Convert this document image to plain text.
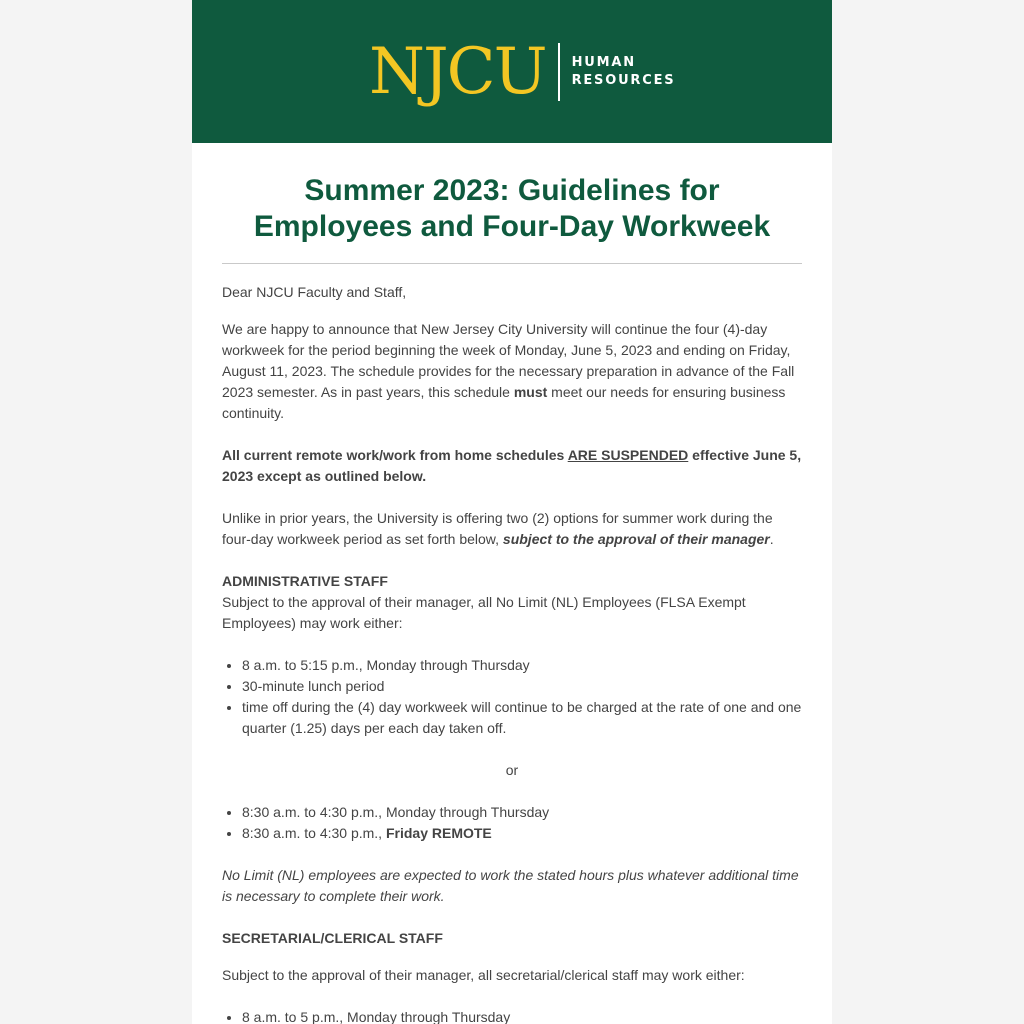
NJCU HUMAN
RESOURCES
Summer 2023: Guidelines for
Employees and Four-Day Workweek

Dear NJCU Faculty and Staff,

We are happy to announce that New Jersey City University will continue the four (4)-day workweek for the period beginning the week of Monday, June 5, 2023 and ending on Friday, August 11, 2023. The schedule provides for the necessary preparation in advance of the Fall 2023 semester. As in past years, this schedule must meet our needs for ensuring business continuity.

All current remote work/work from home schedules ARE SUSPENDED effective June 5, 2023 except as outlined below.

Unlike in prior years, the University is offering two (2) options for summer work during the four-day workweek period as set forth below, subject to the approval of their manager.

ADMINISTRATIVE STAFF

Subject to the approval of their manager, all No Limit (NL) Employees (FLSA Exempt Employees) may work either:

• 8 a.m. to 5:15 p.m., Monday through Thursday
• 30-minute lunch period
• time off during the (4) day workweek will continue to be charged at the rate of one and one quarter (1.25) days per each day taken off.

or

• 8:30 a.m. to 4:30 p.m., Monday through Thursday
• 8:30 a.m. to 4:30 p.m., Friday REMOTE

No Limit (NL) employees are expected to work the stated hours plus whatever additional time is necessary to complete their work.

SECRETARIAL/CLERICAL STAFF

Subject to the approval of their manager, all secretarial/clerical staff may work either:

• 8 a.m. to 5 p.m., Monday through Thursday
